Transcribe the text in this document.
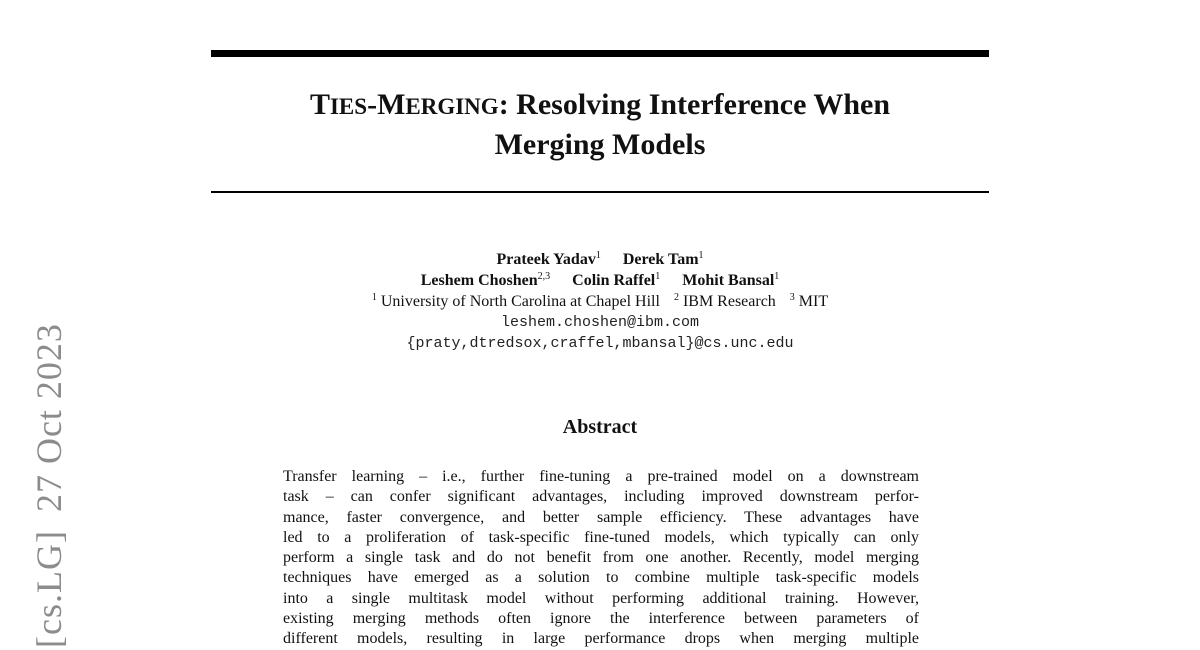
[cs.LG]27 Oct 2023
TIES-MERGING: Resolving Interference When
Merging Models
Prateek Yadav$^1$ Derek Tam$^1$
Leshem Choshen$^{2,3}$ Colin Raffel$^1$ Mohit Bansal$^1$
$^1$ University of North Carolina at Chapel Hill $^2$ IBM Research $^3$ MIT
leshem.choshen@ibm.com
{praty,dtredsox,craffel,mbansal}@cs.unc.edu
Abstract
Transfer learning – i.e., further fine-tuning a pre-trained model on a downstream
task – can confer significant advantages, including improved downstream perfor-
mance, faster convergence, and better sample efficiency. These advantages have
led to a proliferation of task-specific fine-tuned models, which typically can only
perform a single task and do not benefit from one another. Recently, model merging
techniques have emerged as a solution to combine multiple task-specific models
into a single multitask model without performing additional training. However,
existing merging methods often ignore the interference between parameters of
different models, resulting in large performance drops when merging multiple
